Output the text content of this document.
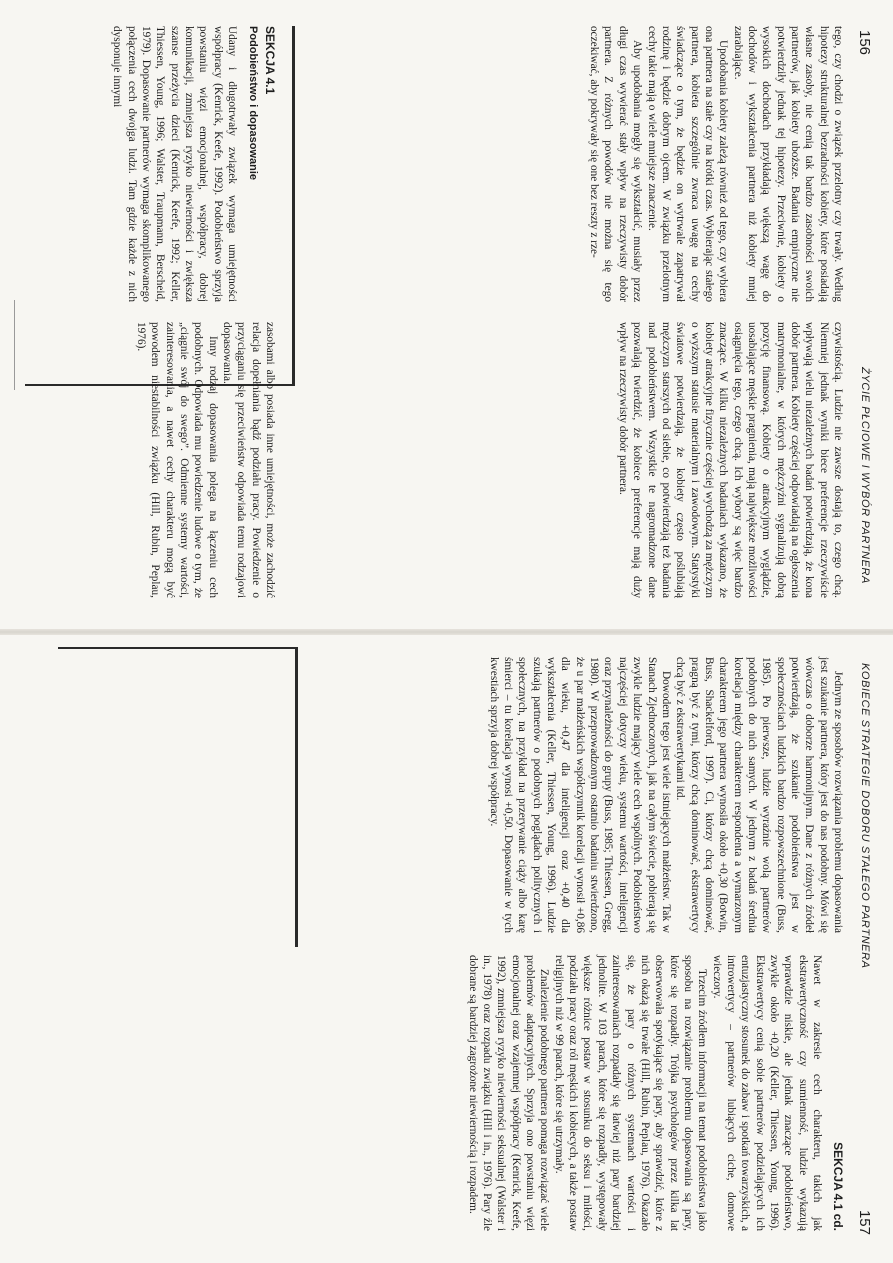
156
ŻYCIE PŁCIOWE I WYBÓR PARTNERA

tego, czy chodzi o związek przelotny czy trwały. Według hipotezy strukturalnej bezradności kobiety, które posiadają własne zasoby, nie cenią tak bardzo zasobności swoich partnerów, jak kobiety uboższe. Badania empiryczne nie potwierdziły jednak tej hipotezy. Przeciwnie, kobiety o wysokich dochodach przykładają większą wagę do dochodów i wykształcenia partnera niż kobiety mniej zarabiające.

Upodobania kobiety zależą również od tego, czy wybiera ona partnera na stałe czy na krótki czas. Wybierając stałego partnera, kobieta szczególnie zwraca uwagę na cechy świadczące o tym, że będzie on wytrwale zapatrywał rodzinę i będzie dobrym ojcem. W związku przelotnym cechy takie mają o wiele mniejsze znaczenie.

Aby upodobania mogły się wykształcić, musiały przez długi czas wywierać stały wpływ na rzeczywisty dobór partnera. Z różnych powodów nie można się tego oczekiwać, aby pokrywały się one bez reszty z rze-

czywistością. Ludzie nie zawsze dostają to, czego chcą. Niemniej jednak wyniki biece preferencje rzeczywiście wpływają wielu niezależnych badań potwierdzają, że kona dobór partnera. Kobiety częściej odpowiadają na ogłoszenia matrymonialne, w których mężczyźni sygnalizują dobrą pozycję finansową. Kobiety o atrakcyjnym wyglądzie, uosabiające męskie pragnienia, mają największe możliwości osiągnięcia tego, czego chcą. Ich wybory są więc bardzo znaczące. W kilku niezależnych badaniach wykazano, że kobiety atrakcyjne fizycznie częściej wychodzą za mężczyzn o wyższym statusie materialnym i zawodowym. Statystyki światowe potwierdzają, że kobiety często poślubiają mężczyzn starszych od siebie, co potwierdzają też badania nad podobieństwem. Wszystkie te nagromadzone dane pozwalają twierdzić, że kobiece preferencje mają duży wpływ na rzeczywisty dobór partnera.

SEKCJA 4.1
Podobieństwo i dopasowanie

Udany i długotrwały związek wymaga umiejętności współpracy (Kenrick, Keefe, 1992). Podobieństwo sprzyja powstaniu więzi emocjonalnej, współpracy, dobrej komunikacji, zmniejsza ryzyko niewierności i zwiększa szanse przeżycia dzieci (Kenrick, Keefe, 1992; Keller, Thiessen, Young, 1996; Walster, Traupmann, Berscheid, 1979). Dopasowanie partnerów wymaga skomplikowanego połączenia cech dwojga ludzi. Tam gdzie każde z nich dysponuje innymi

zasobami albo posiada inne umiejętności, może zachodzić relacja dopełniania bądź podziału pracy. Powiedzenie o przyciąganiu się przeciwieństw odpowiada temu rodzajowi dopasowania.

Inny rodzaj dopasowania polega na łączeniu cech podobnych. Odpowiada mu powiedzenie ludowe o tym, że „ciągnie swój do swego”. Odmienne systemy wartości, zainteresowania, a nawet cechy charakteru mogą być powodem niestabilności związku (Hill, Rubin, Peplau, 1976).

KOBIECE STRATEGIE DOBORU STAŁEGO PARTNERA
157

Jednym ze sposobów rozwiązania problemu dopasowania jest szukanie partnera, który jest do nas podobny. Mówi się wówczas o doborze harmonijnym. Dane z różnych źródeł potwierdzają, że szukanie podobieństwa jest w społecznościach ludzkich bardzo rozpowszechnione (Buss, 1985). Po pierwsze, ludzie wyraźnie wolą partnerów podobnych do nich samych. W jednym z badań średnia korelacja między charakterem respondenta a wymarzonym charakterem jego partnera wynosiła około +0,30 (Botwin, Buss, Shackelford, 1997). Ci, którzy chcą dominować, pragną być z tymi, którzy chcą dominować, ekstrawertycy chcą być z ekstrawertykami itd.

Dowodem tego jest wiele istniejących małżeństw. Tak w Stanach Zjednoczonych, jak na całym świecie, pobierają się zwykle ludzie mający wiele cech wspólnych. Podobieństwo najczęściej dotyczy wieku, systemu wartości, inteligencji oraz przynależności do grupy (Buss, 1985; Thiessen, Gregg, 1980). W przeprowadzonym ostatnio badaniu stwierdzono, że u par małżeńskich współczynnik korelacji wynosił +0,86 dla wieku, +0,47 dla inteligencji oraz +0,40 dla wykształcenia (Keller, Thiessen, Young, 1996). Ludzie szukają partnerów o podobnych poglądach politycznych i społecznych, na przykład na przerywanie ciąży albo karę śmierci – tu korelacja wynosi +0,50. Dopasowanie w tych kwestiach sprzyja dobrej współpracy.

SEKCJA 4.1 cd.

Nawet w zakresie cech charakteru, takich jak ekstrawertyczność czy sumienność, ludzie wykazują wprawdzie niskie, ale jednak znaczące podobieństwo, zwykle około +0,20 (Keller, Thiessen, Young, 1996). Ekstrawertycy cenią sobie partnerów podzielających ich entuzjastyczny stosunek do zabaw i spotkań towarzyskich, a introwertycy – partnerów lubiących ciche, domowe wieczory.

Trzecim źródłem informacji na temat podobieństwa jako sposobu na rozwiązanie problemu dopasowania są pary, które się rozpadły. Trójka psychologów przez kilka lat obserwowała spotykające się pary, aby sprawdzić, które z nich okażą się trwałe (Hill, Rubin, Peplau, 1976). Okazało się, że pary o różnych systemach wartości i zainteresowaniach rozpadały się łatwiej niż pary bardziej jednolite. W 103 parach, które się rozpadły, występowały większe różnice postaw w stosunku do seksu i miłości, podziału pracy oraz ról męskich i kobiecych, a także postaw religijnych niż w 99 parach, które się utrzymały.

Znalezienie podobnego partnera pomaga rozwiązać wiele problemów adaptacyjnych. Sprzyja ono powstaniu więzi emocjonalnej oraz wzajemnej współpracy (Kenrick, Keefe, 1992), zmniejsza ryzyko niewierności seksualnej (Walster i in., 1978) oraz rozpadu związku (Hill i in., 1976). Pary źle dobrane są bardziej zagrożone niewiernością i rozpadem.
